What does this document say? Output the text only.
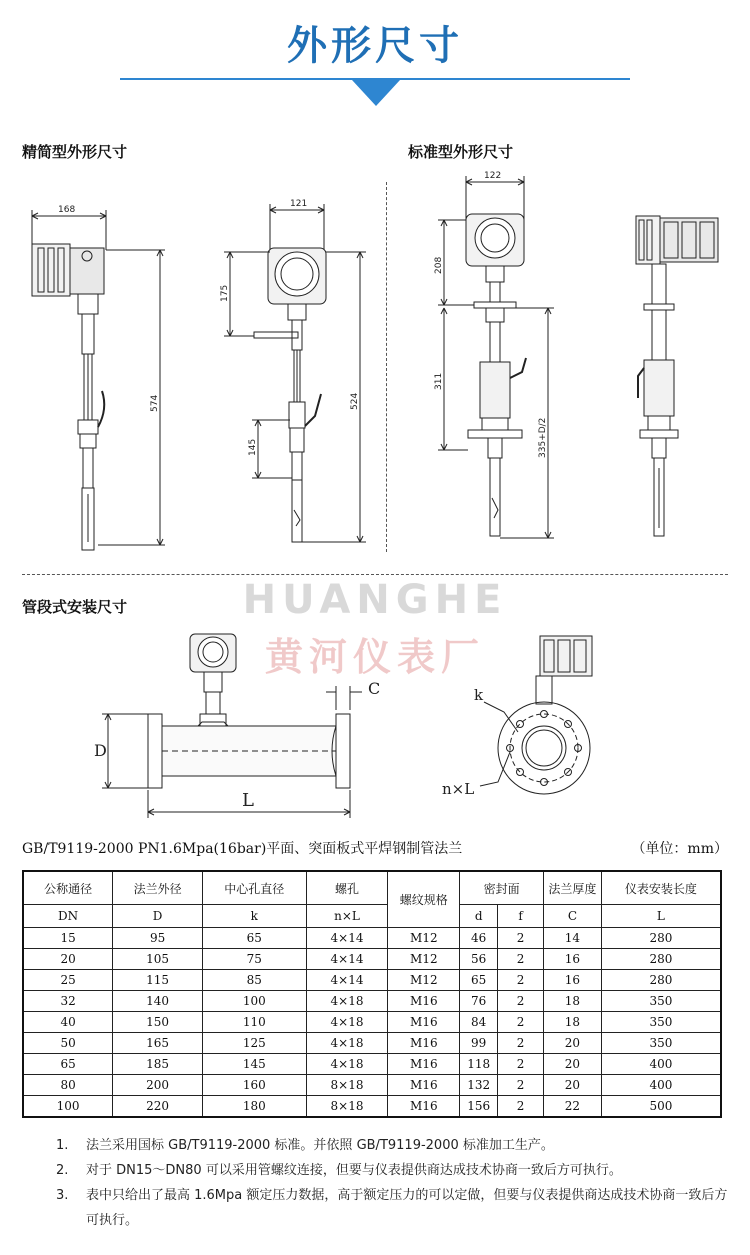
外形尺寸
精简型外形尺寸	标准型外形尺寸
管段式安装尺寸	HUANGHE
黄河仪表厂
168
574
121
175
145
524
122
208
311
335+D/2
C
D
L
k
n×L
GB/T9119-2000 PN1.6Mpa(16bar)平面、突面板式平焊钢制管法兰	（单位：mm）
公称通径	法兰外径	中心孔直径	螺孔	螺纹规格	密封面		法兰厚度	仪表安装长度
DN	D	k	n×L		d	f	C	L
15	95	65	4×14	M12	46	2	14	280
20	105	75	4×14	M12	56	2	16	280
25	115	85	4×14	M12	65	2	16	280
32	140	100	4×18	M16	76	2	18	350
40	150	110	4×18	M16	84	2	18	350
50	165	125	4×18	M16	99	2	20	350
65	185	145	4×18	M16	118	2	20	400
80	200	160	8×18	M16	132	2	20	400
100	220	180	8×18	M16	156	2	22	500
1. 法兰采用国标 GB/T9119-2000 标准。并依照 GB/T9119-2000 标准加工生产。
2. 对于 DN15～DN80 可以采用管螺纹连接，但要与仪表提供商达成技术协商一致后方可执行。
3. 表中只给出了最高 1.6Mpa 额定压力数据，高于额定压力的可以定做，但要与仪表提供商达成技术协商一致后方可执行。
